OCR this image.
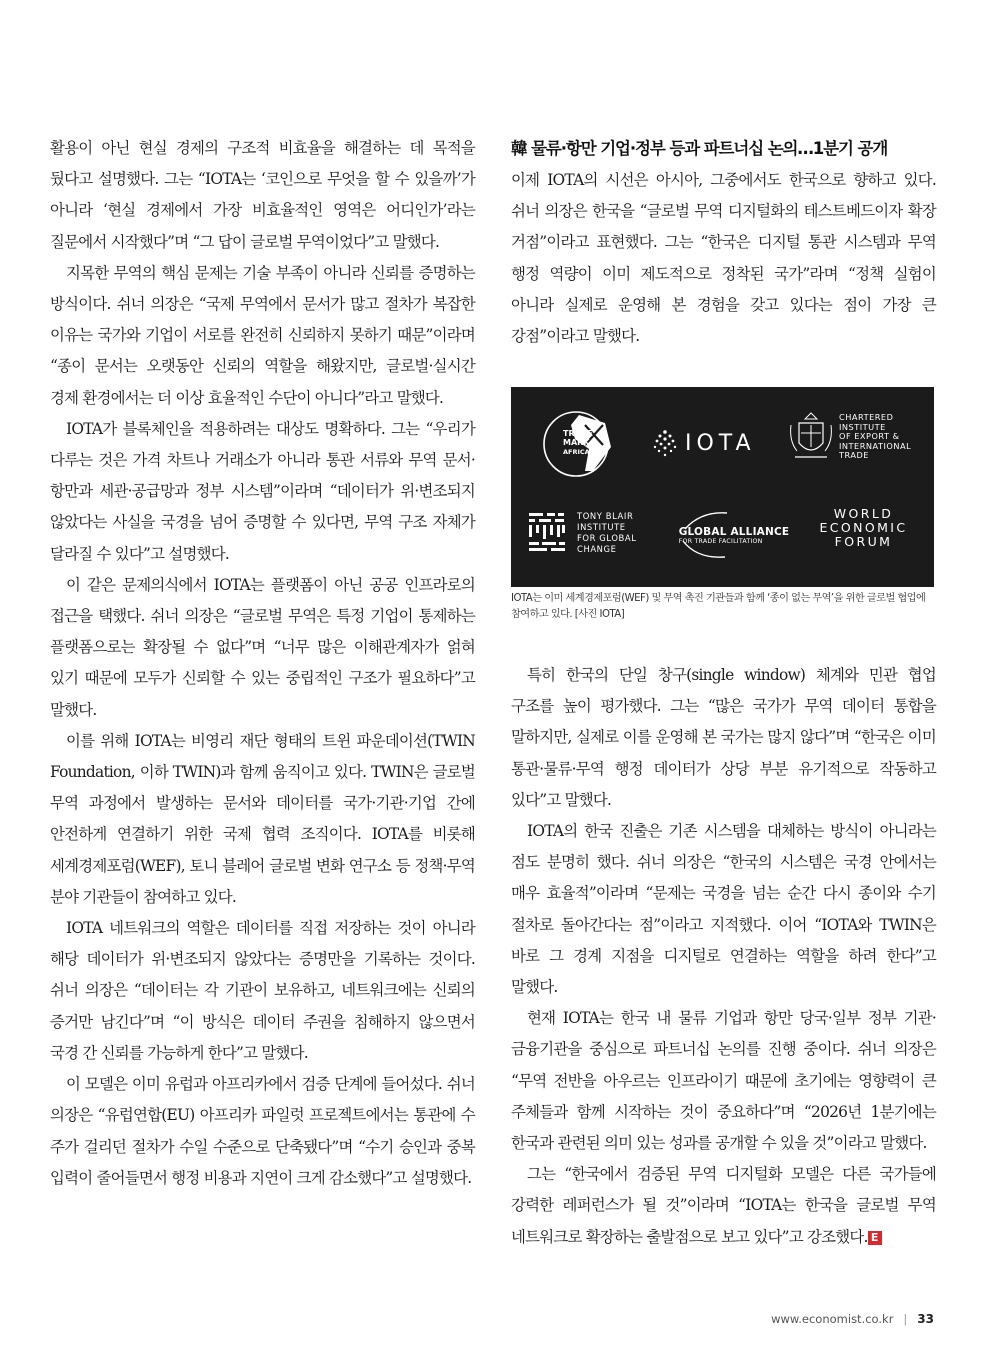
활용이 아닌 현실 경제의 구조적 비효율을 해결하는 데 목적을 뒀다고 설명했다. 그는 “IOTA는 ‘코인으로 무엇을 할 수 있을까’가 아니라 ‘현실 경제에서 가장 비효율적인 영역은 어디인가’라는 질문에서 시작했다”며 “그 답이 글로벌 무역이었다”고 말했다.

지목한 무역의 핵심 문제는 기술 부족이 아니라 신뢰를 증명하는 방식이다. 쉬너 의장은 “국제 무역에서 문서가 많고 절차가 복잡한 이유는 국가와 기업이 서로를 완전히 신뢰하지 못하기 때문”이라며 “종이 문서는 오랫동안 신뢰의 역할을 해왔지만, 글로벌·실시간 경제 환경에서는 더 이상 효율적인 수단이 아니다”라고 말했다.

IOTA가 블록체인을 적용하려는 대상도 명확하다. 그는 “우리가 다루는 것은 가격 차트나 거래소가 아니라 통관 서류와 무역 문서·항만과 세관·공급망과 정부 시스템”이라며 “데이터가 위·변조되지 않았다는 사실을 국경을 넘어 증명할 수 있다면, 무역 구조 자체가 달라질 수 있다”고 설명했다.

이 같은 문제의식에서 IOTA는 플랫폼이 아닌 공공 인프라로의 접근을 택했다. 쉬너 의장은 “글로벌 무역은 특정 기업이 통제하는 플랫폼으로는 확장될 수 없다”며 “너무 많은 이해관계자가 얽혀 있기 때문에 모두가 신뢰할 수 있는 중립적인 구조가 필요하다”고 말했다.

이를 위해 IOTA는 비영리 재단 형태의 트윈 파운데이션(TWIN Foundation, 이하 TWIN)과 함께 움직이고 있다. TWIN은 글로벌 무역 과정에서 발생하는 문서와 데이터를 국가·기관·기업 간에 안전하게 연결하기 위한 국제 협력 조직이다. IOTA를 비롯해 세계경제포럼(WEF), 토니 블레어 글로벌 변화 연구소 등 정책·무역 분야 기관들이 참여하고 있다.

IOTA 네트워크의 역할은 데이터를 직접 저장하는 것이 아니라 해당 데이터가 위·변조되지 않았다는 증명만을 기록하는 것이다. 쉬너 의장은 “데이터는 각 기관이 보유하고, 네트워크에는 신뢰의 증거만 남긴다”며 “이 방식은 데이터 주권을 침해하지 않으면서 국경 간 신뢰를 가능하게 한다”고 말했다.

이 모델은 이미 유럽과 아프리카에서 검증 단계에 들어섰다. 쉬너 의장은 “유럽연합(EU) 아프리카 파일럿 프로젝트에서는 통관에 수 주가 걸리던 절차가 수일 수준으로 단축됐다”며 “수기 승인과 중복 입력이 줄어들면서 행정 비용과 지연이 크게 감소했다”고 설명했다.

韓 물류·항만 기업·정부 등과 파트너십 논의…1분기 공개

이제 IOTA의 시선은 아시아, 그중에서도 한국으로 향하고 있다. 쉬너 의장은 한국을 “글로벌 무역 디지털화의 테스트베드이자 확장 거점”이라고 표현했다. 그는 “한국은 디지털 통관 시스템과 무역 행정 역량이 이미 제도적으로 정착된 국가”라며 “정책 실험이 아니라 실제로 운영해 본 경험을 갖고 있다는 점이 가장 큰 강점”이라고 말했다.

TRADE
MARK
AFRICA	IOTA
CHARTERED
INSTITUTE
OF EXPORT &
INTERNATIONAL
TRADE
TONY BLAIR
INSTITUTE
FOR GLOBAL
CHANGE
GLOBAL ALLIANCE
FOR TRADE FACILITATION
WORLD
ECONOMIC
FORUM
IOTA는 이미 세계경제포럼(WEF) 및 무역 촉진 기관들과 함께 ‘종이 없는 무역’을 위한 글로벌 협업에 참여하고 있다. [사진 IOTA]

특히 한국의 단일 창구(single window) 체계와 민관 협업 구조를 높이 평가했다. 그는 “많은 국가가 무역 데이터 통합을 말하지만, 실제로 이를 운영해 본 국가는 많지 않다”며 “한국은 이미 통관·물류·무역 행정 데이터가 상당 부분 유기적으로 작동하고 있다”고 말했다.

IOTA의 한국 진출은 기존 시스템을 대체하는 방식이 아니라는 점도 분명히 했다. 쉬너 의장은 “한국의 시스템은 국경 안에서는 매우 효율적”이라며 “문제는 국경을 넘는 순간 다시 종이와 수기 절차로 돌아간다는 점”이라고 지적했다. 이어 “IOTA와 TWIN은 바로 그 경계 지점을 디지털로 연결하는 역할을 하려 한다”고 말했다.

현재 IOTA는 한국 내 물류 기업과 항만 당국·일부 정부 기관·금융기관을 중심으로 파트너십 논의를 진행 중이다. 쉬너 의장은 “무역 전반을 아우르는 인프라이기 때문에 초기에는 영향력이 큰 주체들과 함께 시작하는 것이 중요하다”며 “2026년 1분기에는 한국과 관련된 의미 있는 성과를 공개할 수 있을 것”이라고 말했다.

그는 “한국에서 검증된 무역 디지털화 모델은 다른 국가들에 강력한 레퍼런스가 될 것”이라며 “IOTA는 한국을 글로벌 무역 네트워크로 확장하는 출발점으로 보고 있다”고 강조했다. E

www.economist.co.kr | 33
